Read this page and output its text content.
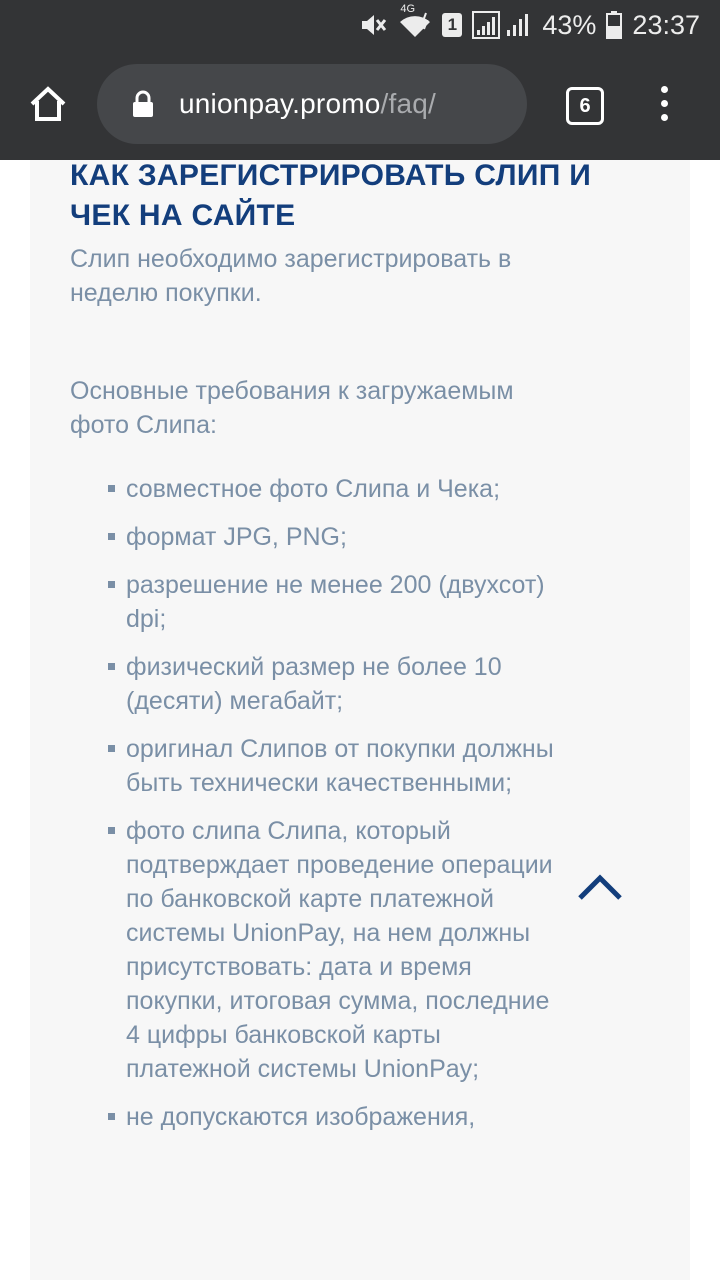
4G
1	43% 23:37
unionpay.promo/faq/	6
КАК ЗАРЕГИСТРИРОВАТЬ СЛИП И ЧЕК НА САЙТЕ

Слип необходимо зарегистрировать в неделю покупки.

Основные требования к загружаемым фото Слипа:

совместное фото Слипа и Чека;
формат JPG, PNG;
разрешение не менее 200 (двухсот) dpi;
физический размер не более 10 (десяти) мегабайт;
оригинал Слипов от покупки должны быть технически качественными;
фото слипа Слипа, который подтверждает проведение операции по банковской карте платежной системы UnionPay, на нем должны присутствовать: дата и время покупки, итоговая сумма, последние 4 цифры банковской карты платежной системы UnionPay;
не допускаются изображения,
